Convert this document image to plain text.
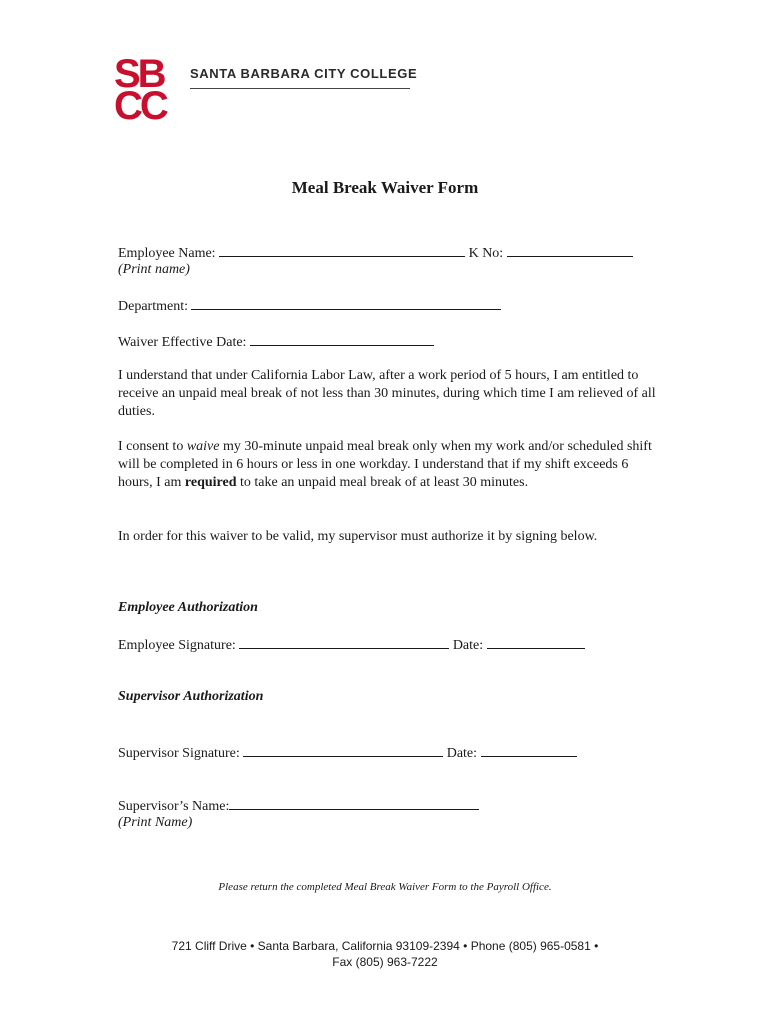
SB
CC
SANTA BARBARA CITY COLLEGE
Meal Break Waiver Form
Employee Name:	K No:
(Print name)
Department:
Waiver Effective Date:
I understand that under California Labor Law, after a work period of 5 hours, I am entitled to receive an unpaid meal break of not less than 30 minutes, during which time I am relieved of all duties.
I consent to waive my 30-minute unpaid meal break only when my work and/or scheduled shift will be completed in 6 hours or less in one workday. I understand that if my shift exceeds 6 hours, I am required to take an unpaid meal break of at least 30 minutes.
In order for this waiver to be valid, my supervisor must authorize it by signing below.
Employee Authorization
Employee Signature:	Date:
Supervisor Authorization
Supervisor Signature:	Date:
Supervisor’s Name:
(Print Name)
Please return the completed Meal Break Waiver Form to the Payroll Office.
721 Cliff Drive • Santa Barbara, California 93109-2394 • Phone (805) 965-0581 •
Fax (805) 963-7222
